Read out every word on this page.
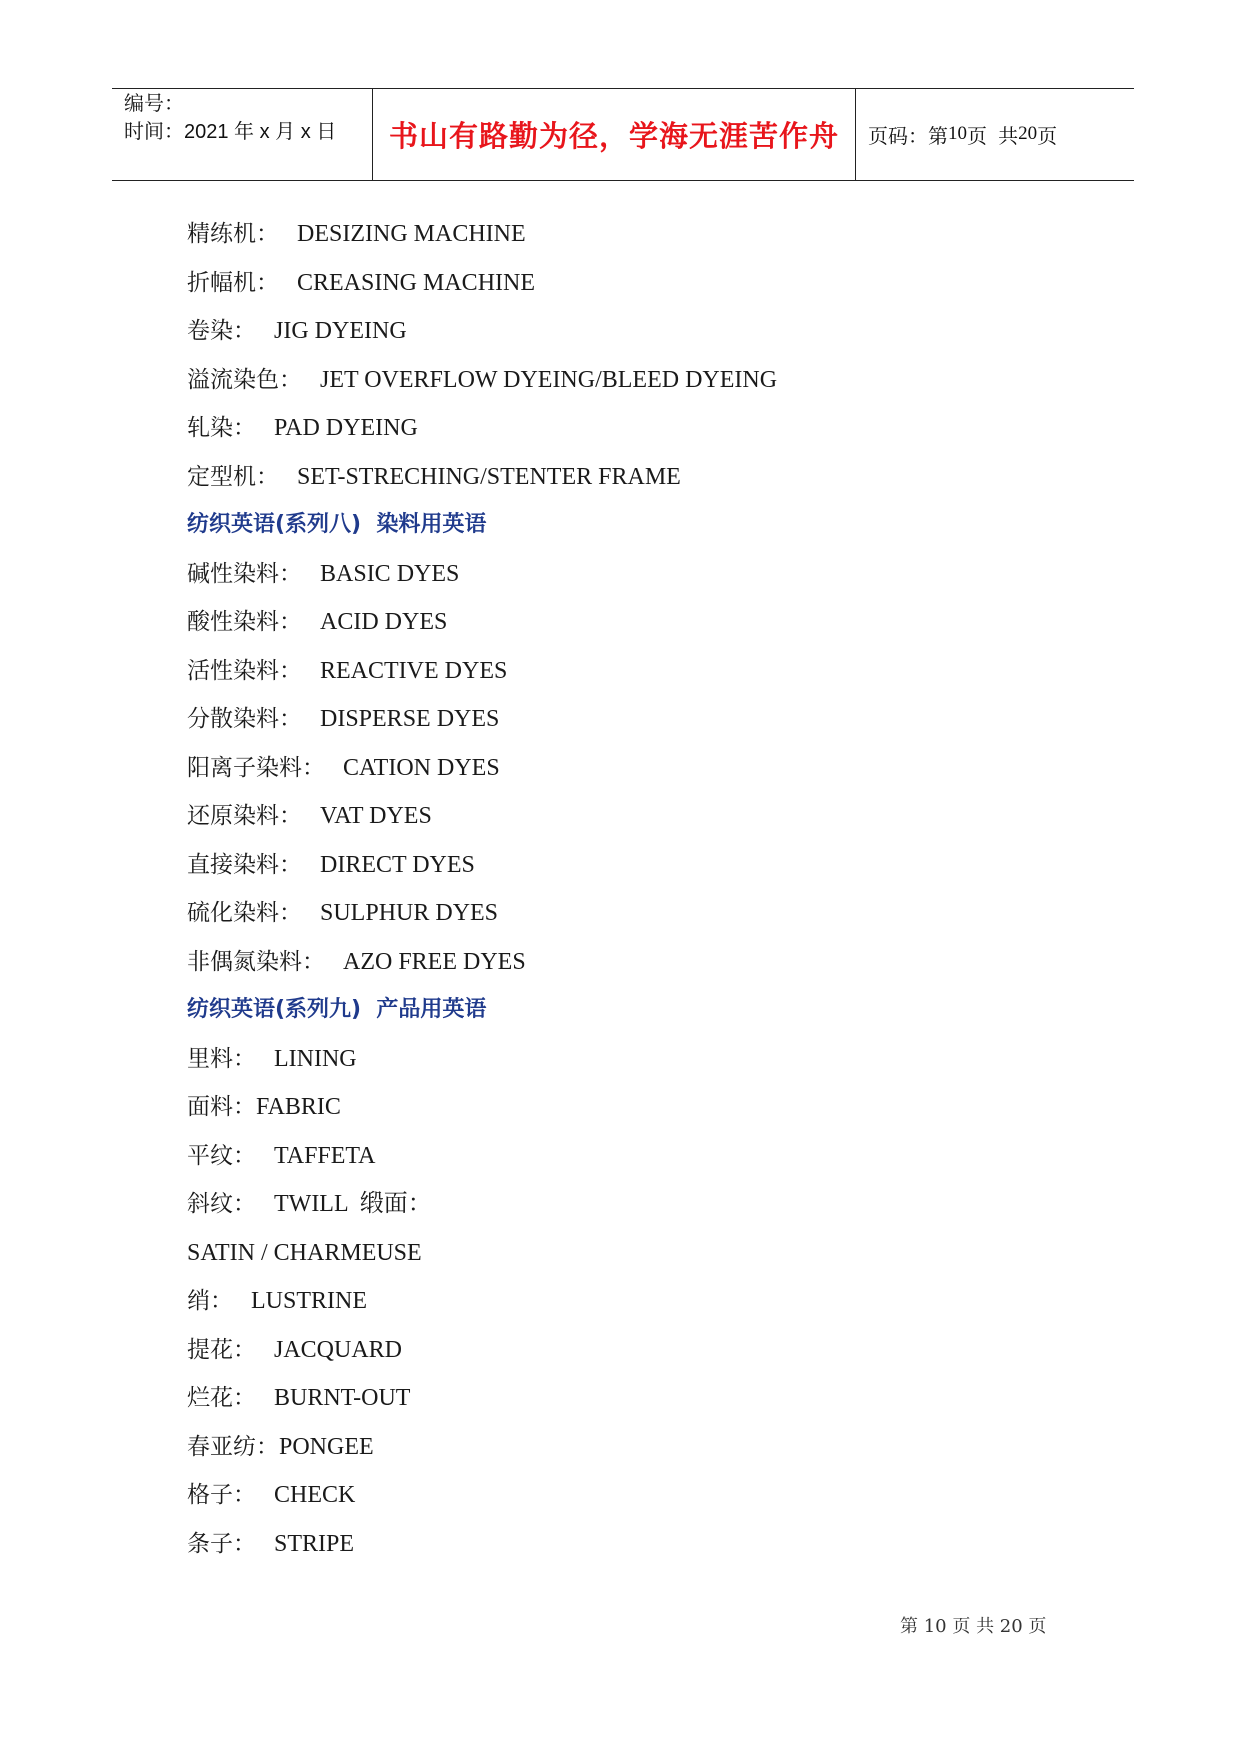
编号：
时间：2021 年 x 月 x 日	书山有路勤为径，学海无涯苦作舟	页码：第 10 页  共 20 页
精练机： DESIZING MACHINE
折幅机： CREASING MACHINE
卷染： JIG DYEING
溢流染色： JET OVERFLOW DYEING/BLEED DYEING
轧染： PAD DYEING
定型机： SET-STRECHING/STENTER FRAME
纺织英语(系列八)  染料用英语
碱性染料： BASIC DYES
酸性染料： ACID DYES
活性染料： REACTIVE DYES
分散染料： DISPERSE DYES
阳离子染料： CATION DYES
还原染料： VAT DYES
直接染料： DIRECT DYES
硫化染料： SULPHUR DYES
非偶氮染料： AZO FREE DYES
纺织英语(系列九)  产品用英语
里料： LINING
面料：FABRIC
平纹： TAFFETA
斜纹： TWILL  缎面：
SATIN / CHARMEUSE
绡： LUSTRINE
提花： JACQUARD
烂花： BURNT-OUT
春亚纺：PONGEE
格子： CHECK
条子： STRIPE
第 10 页 共 20 页
